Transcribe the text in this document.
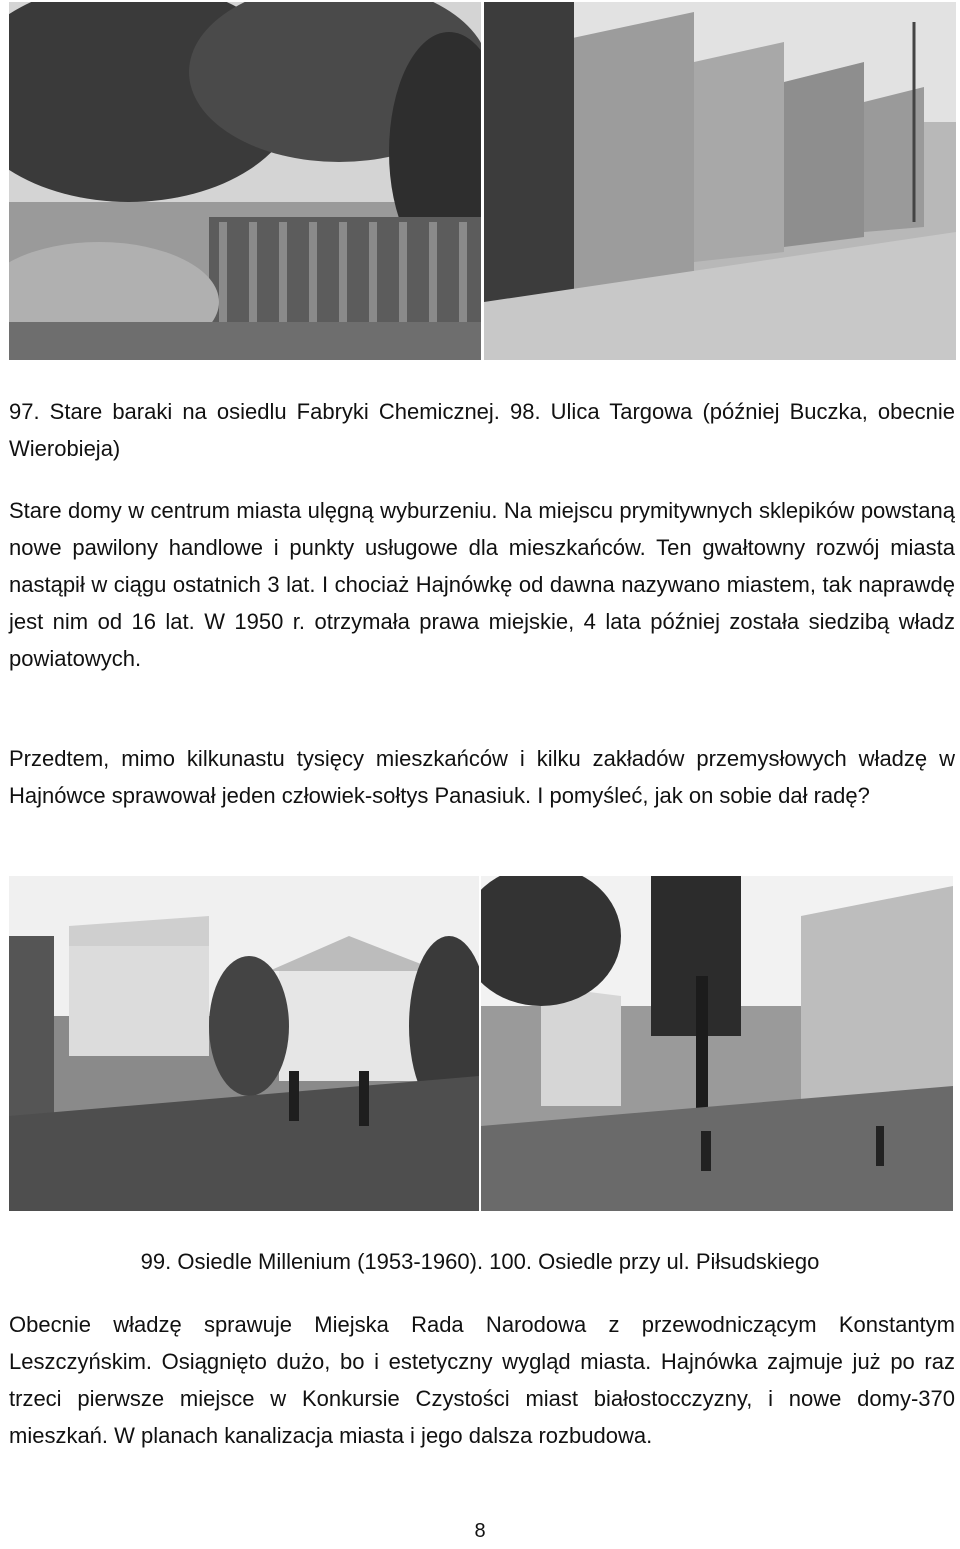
97. Stare baraki na osiedlu Fabryki Chemicznej. 98. Ulica Targowa (później Buczka, obecnie Wierobieja)

Stare domy w centrum miasta ulęgną wyburzeniu. Na miejscu prymitywnych sklepików powstaną nowe pawilony handlowe i punkty usługowe dla mieszkańców. Ten gwałtowny rozwój miasta nastąpił w ciągu ostatnich 3 lat. I chociaż Hajnówkę od dawna nazywano miastem, tak naprawdę jest nim od 16 lat. W 1950 r. otrzymała prawa miejskie, 4 lata później została siedzibą władz powiatowych.

Przedtem, mimo kilkunastu tysięcy mieszkańców i kilku zakładów przemysłowych władzę w Hajnówce sprawował jeden człowiek-sołtys Panasiuk. I pomyśleć, jak on sobie dał radę?

99. Osiedle Millenium (1953-1960). 100. Osiedle przy ul. Piłsudskiego

Obecnie władzę sprawuje Miejska Rada Narodowa z przewodniczącym Konstantym Leszczyńskim. Osiągnięto dużo, bo i estetyczny wygląd miasta. Hajnówka zajmuje już po raz trzeci pierwsze miejsce w Konkursie Czystości miast białostocczyzny, i nowe domy-370 mieszkań. W planach kanalizacja miasta i jego dalsza rozbudowa.

8
